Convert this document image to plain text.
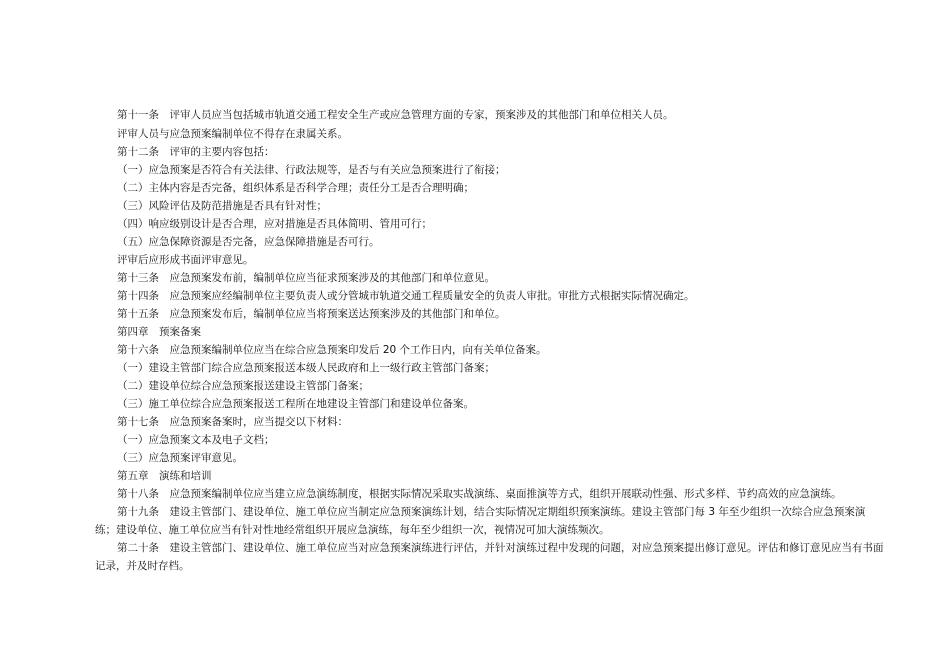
第十一条　评审人员应当包括城市轨道交通工程安全生产或应急管理方面的专家，预案涉及的其他部门和单位相关人员。
评审人员与应急预案编制单位不得存在隶属关系。
第十二条　评审的主要内容包括：
（一）应急预案是否符合有关法律、行政法规等，是否与有关应急预案进行了衔接；
（二）主体内容是否完备，组织体系是否科学合理；责任分工是否合理明确；
（三）风险评估及防范措施是否具有针对性；
（四）响应级别设计是否合理，应对措施是否具体简明、管用可行；
（五）应急保障资源是否完备，应急保障措施是否可行。
评审后应形成书面评审意见。
第十三条　应急预案发布前，编制单位应当征求预案涉及的其他部门和单位意见。
第十四条　应急预案应经编制单位主要负责人或分管城市轨道交通工程质量安全的负责人审批。审批方式根据实际情况确定。
第十五条　应急预案发布后，编制单位应当将预案送达预案涉及的其他部门和单位。
第四章　预案备案
第十六条　应急预案编制单位应当在综合应急预案印发后 20 个工作日内，向有关单位备案。
（一）建设主管部门综合应急预案报送本级人民政府和上一级行政主管部门备案；
（二）建设单位综合应急预案报送建设主管部门备案；
（三）施工单位综合应急预案报送工程所在地建设主管部门和建设单位备案。
第十七条　应急预案备案时，应当提交以下材料：
（一）应急预案文本及电子文档；
（三）应急预案评审意见。
第五章　演练和培训
第十八条　应急预案编制单位应当建立应急演练制度，根据实际情况采取实战演练、桌面推演等方式，组织开展联动性强、形式多样、节约高效的应急演练。
第十九条　建设主管部门、建设单位、施工单位应当制定应急预案演练计划，结合实际情况定期组织预案演练。建设主管部门每 3 年至少组织一次综合应急预案演
练；建设单位、施工单位应当有针对性地经常组织开展应急演练，每年至少组织一次，视情况可加大演练频次。
第二十条　建设主管部门、建设单位、施工单位应当对应急预案演练进行评估，并针对演练过程中发现的问题，对应急预案提出修订意见。评估和修订意见应当有书面
记录，并及时存档。
